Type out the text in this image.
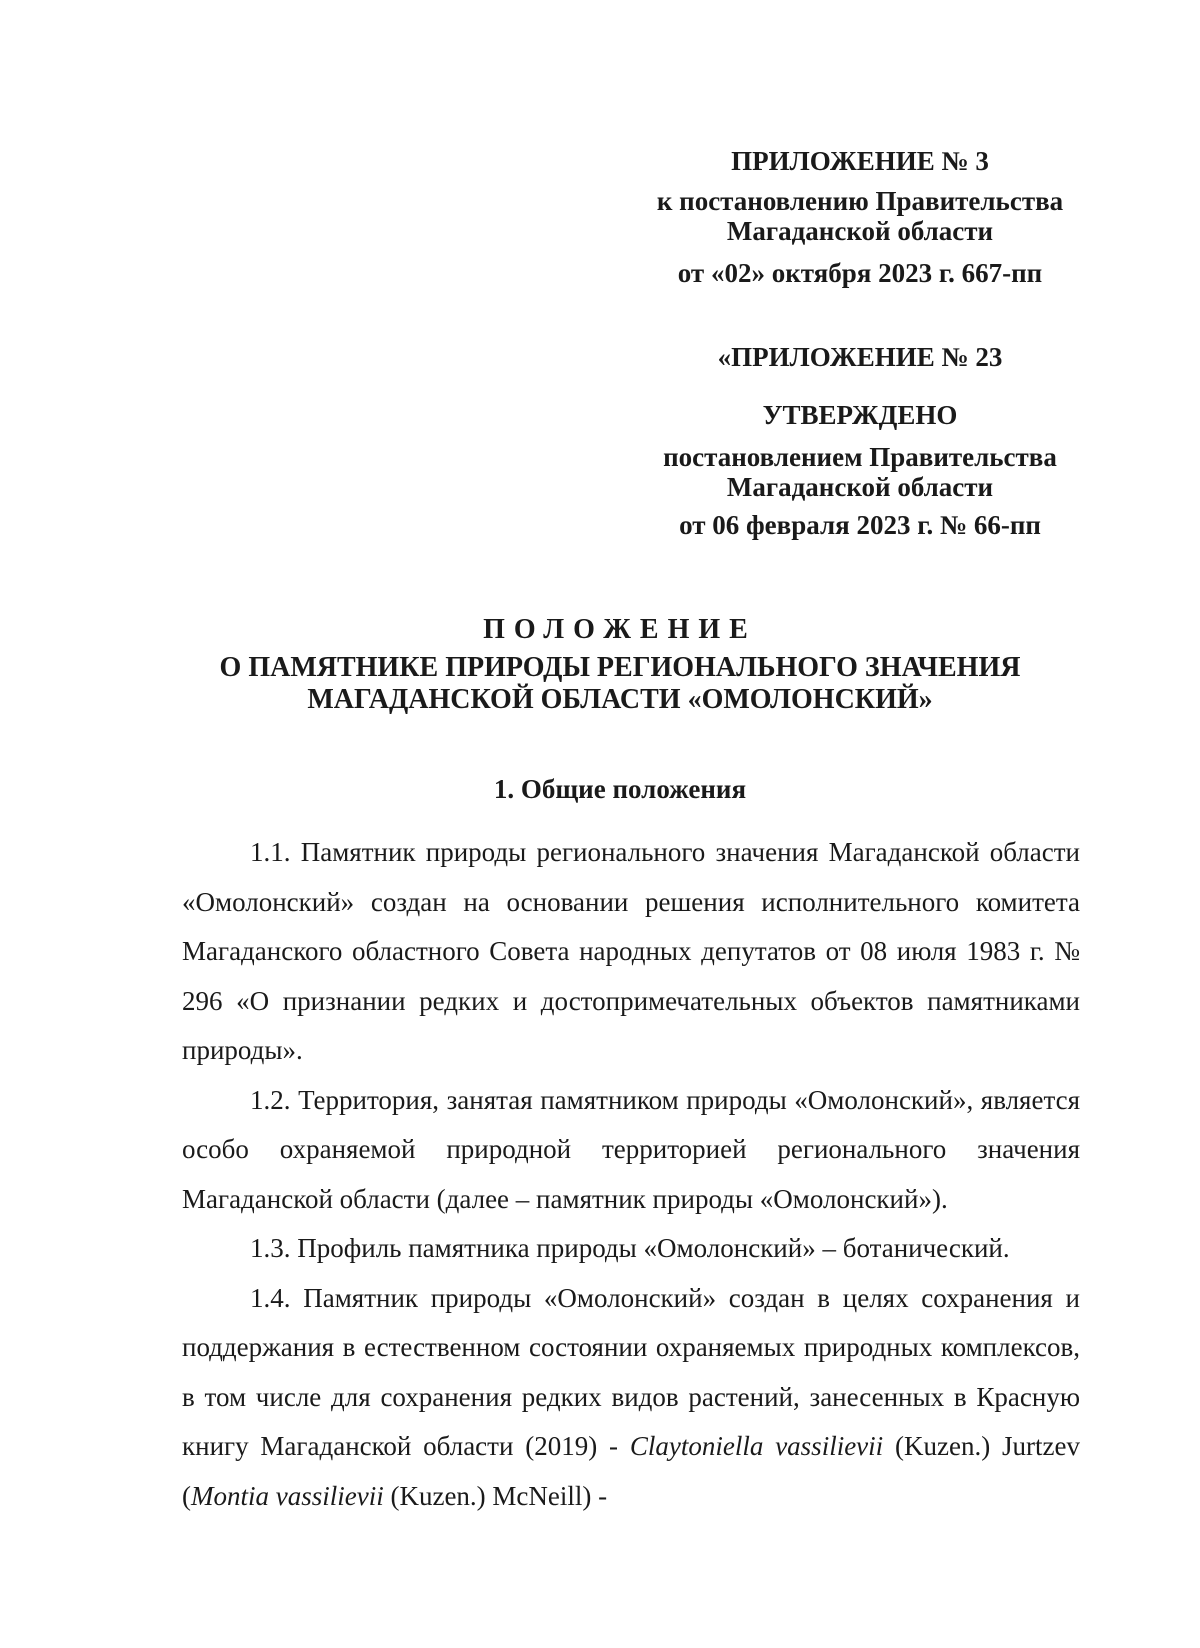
ПРИЛОЖЕНИЕ № 3
к постановлению Правительства Магаданской области
от «02» октября 2023 г. 667-пп
«ПРИЛОЖЕНИЕ № 23
УТВЕРЖДЕНО
постановлением Правительства Магаданской области
от 06 февраля 2023 г. № 66-пп
ПОЛОЖЕНИЕ
О ПАМЯТНИКЕ ПРИРОДЫ РЕГИОНАЛЬНОГО ЗНАЧЕНИЯ МАГАДАНСКОЙ ОБЛАСТИ «ОМОЛОНСКИЙ»
1. Общие положения

1.1. Памятник природы регионального значения Магаданской области «Омолонский» создан на основании решения исполнительного комитета Магаданского областного Совета народных депутатов от 08 июля 1983 г. № 296 «О признании редких и достопримечательных объектов памятниками природы».

1.2. Территория, занятая памятником природы «Омолонский», является особо охраняемой природной территорией регионального значения Магаданской области (далее – памятник природы «Омолонский»).

1.3. Профиль памятника природы «Омолонский» – ботанический.

1.4. Памятник природы «Омолонский» создан в целях сохранения и поддержания в естественном состоянии охраняемых природных комплексов, в том числе для сохранения редких видов растений, занесенных в Красную книгу Магаданской области (2019) - Claytoniella vassilievii (Kuzen.) Jurtzev (Montia vassilievii (Kuzen.) McNeill) -
